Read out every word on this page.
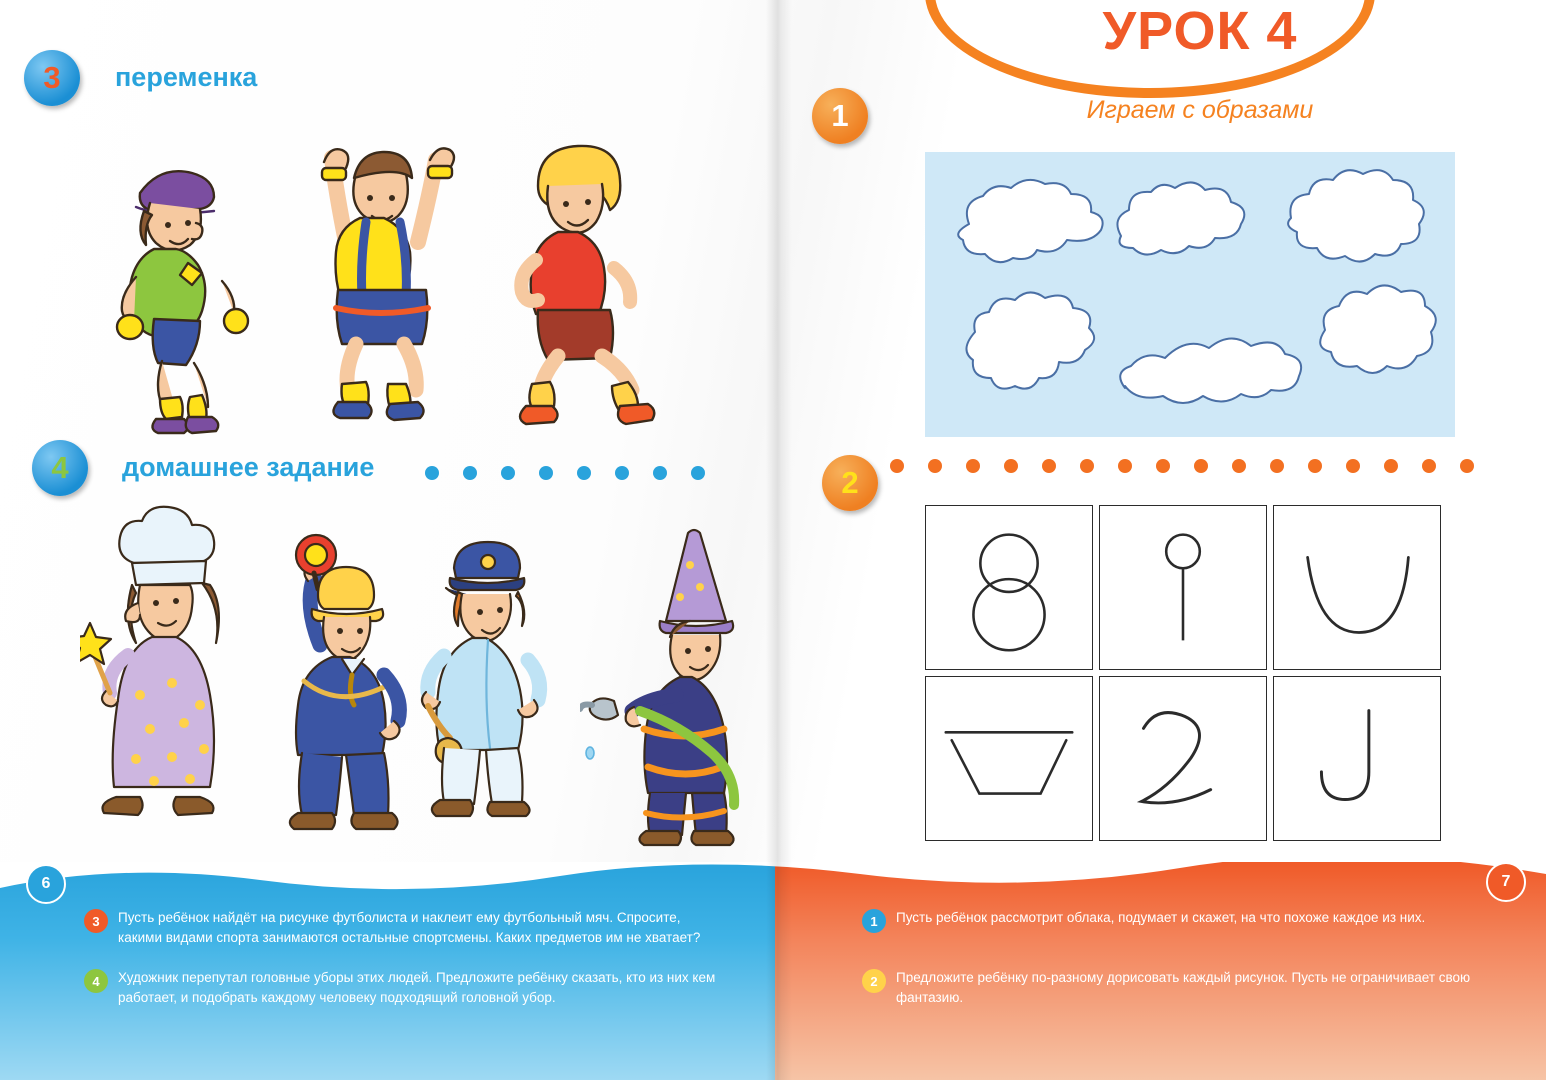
УРОК 4
Играем с образами
3 переменка
4 домашнее задание
1
2
6	7
3	Пусть ребёнок найдёт на рисунке футболиста и наклеит ему футбольный мяч. Спросите, какими видами спорта занимаются остальные спортсмены. Каких предметов им не хватает?
4	Художник перепутал головные уборы этих людей. Предложите ребёнку сказать, кто из них кем работает, и подобрать каждому человеку подходящий головной убор.
1	Пусть ребёнок рассмотрит облака, подумает и скажет, на что похоже каждое из них.
2	Предложите ребёнку по-разному дорисовать каждый рисунок. Пусть не ограничивает свою фантазию.
